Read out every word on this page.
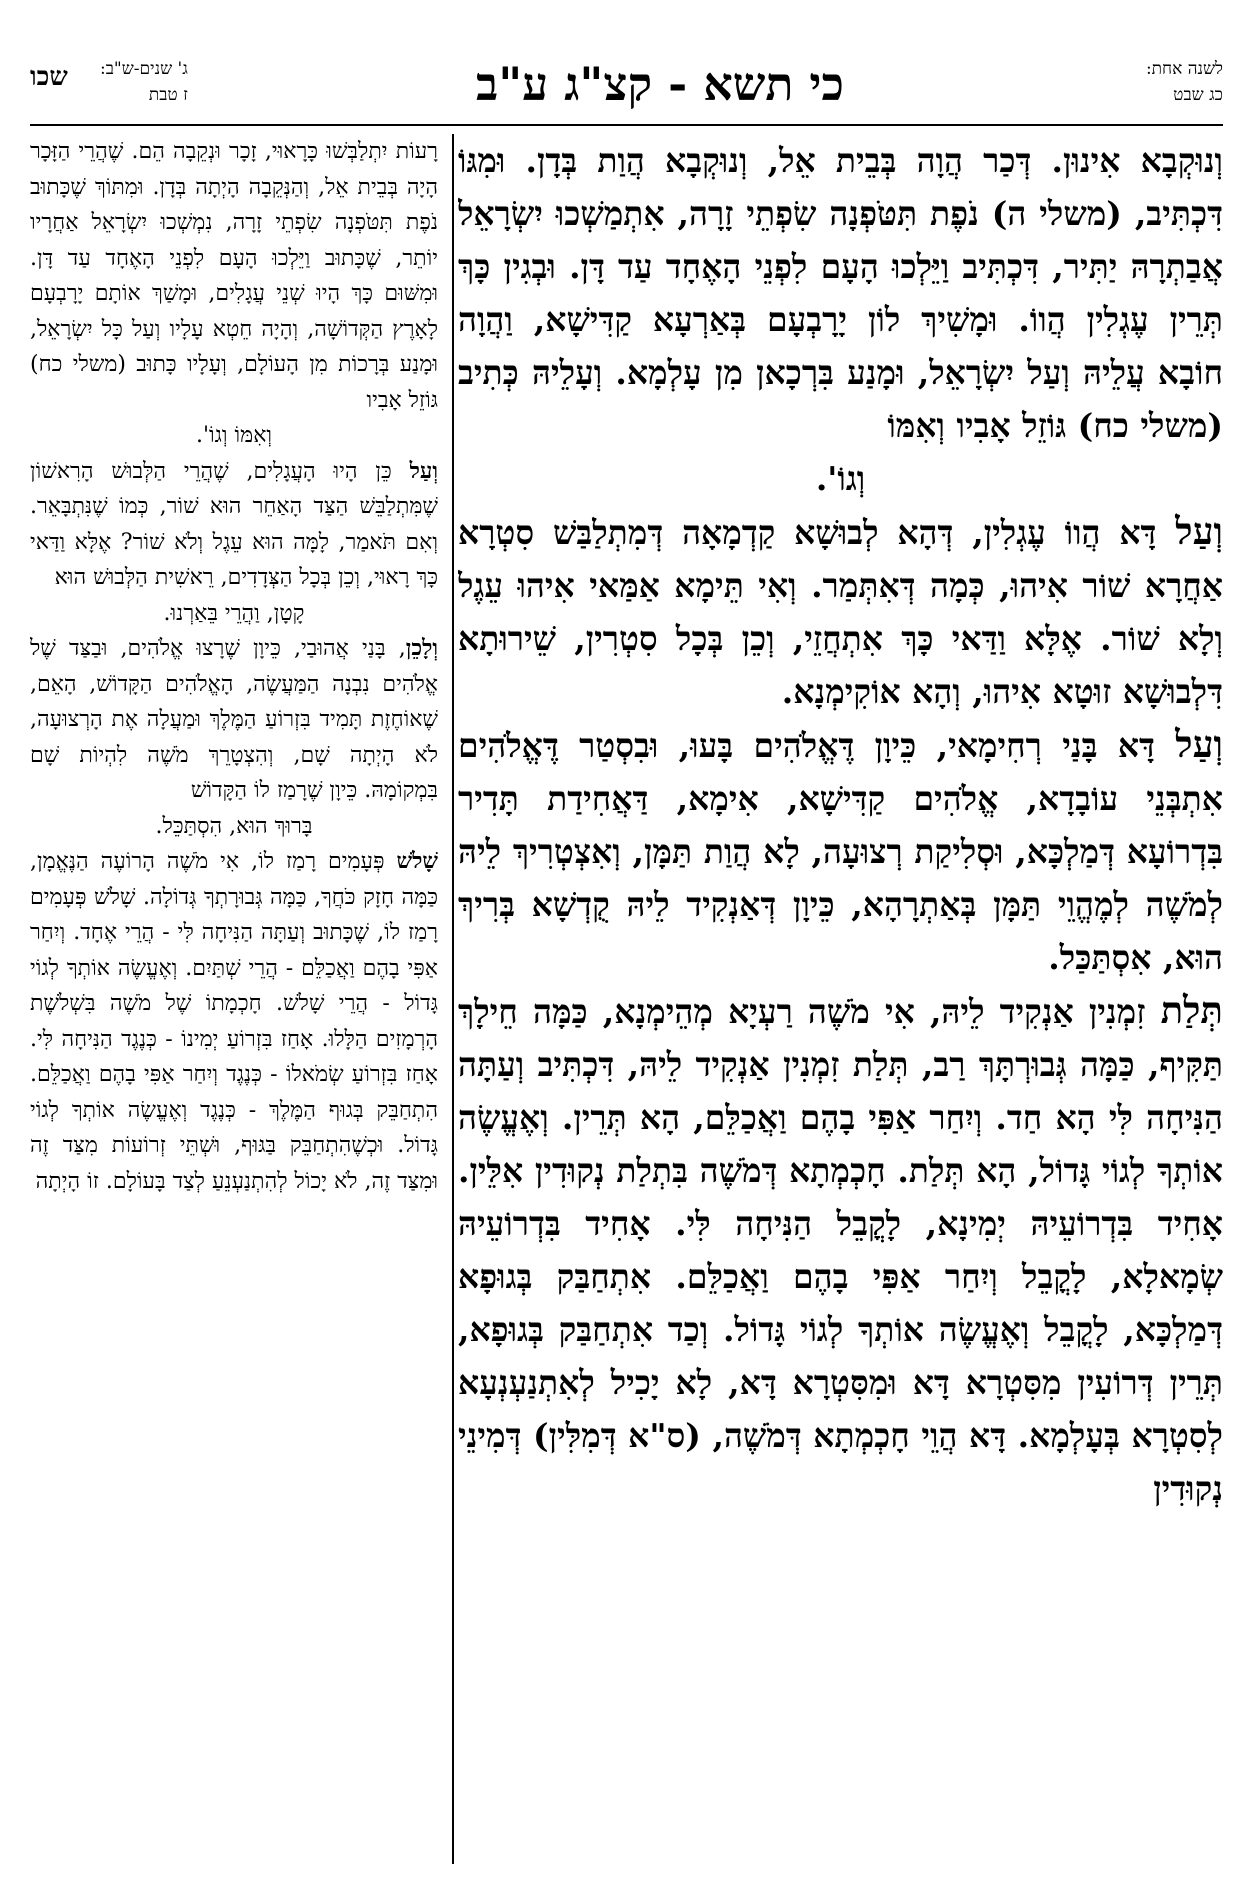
לשנה אחת:
כג שבט
כי תשא - קצ"ג ע"ב
ג' שנים-ש"ב:
ז טבת
שכו

וְנוּקְבָא אִינוּן. דְּכַר הֲוָה בְּבֵית אֵל, וְנוּקְבָא הֲוַת בְּדָן. וּמִגּוֹ דִּכְתִּיב, (משלי ה) נֹפֶת תִּטֹּפְנָה שִׂפְתֵי זָרָה, אִתְמַשְׁכוּ יִשְׂרָאֵל אֲבַתְרָהּ יַתִּיר, דִּכְתִּיב וַיֵּלְכוּ הָעָם לִפְנֵי הָאֶחָד עַד דָּן. וּבְגִין כָּךְ תְּרֵין עֶגְלִין הֲווֹ. וּמָשִׁיךְ לוֹן יָרָבְעָם בְּאַרְעָא קַדִּישָׁא, וַהֲוָה חוֹבָא עֲלֵיהּ וְעַל יִשְׂרָאֵל, וּמָנַע בִּרְכָאן מִן עָלְמָא. וְעָלֵיהּ כְּתִיב (משלי כח) גּוֹזֵל אָבִיו וְאִמּוֹ

וְגוֹ'.

וְעַל דָּא הֲווֹ עֶגְלִין, דְּהָא לְבוּשָׁא קַדְמָאָה דְּמִתְלַבַּשׁ סִטְרָא אַחֲרָא שׁוֹר אִיהוּ, כְּמָה דְּאִתְּמַר. וְאִי תֵּימָא אַמַּאי אִיהוּ עֵגֶל וְלָא שׁוֹר. אֶלָּא וַדַּאי כָּךְ אִתְחֲזֵי, וְכֵן בְּכָל סִטְרִין, שֵׁירוּתָא דִּלְבוּשָׁא זוּטָא אִיהוּ, וְהָא אוֹקִימְנָא.

וְעַל דָּא בָּנַי רְחִימָאי, כֵּיוָן דֶּאֱלֹהִים בָּעוּ, וּבִסְטַר דֶּאֱלֹהִים אִתְבְּנֵי עוֹבָדָא, אֱלֹהִים קַדִּישָׁא, אִימָא, דַּאֲחִידַת תָּדִיר בִּדְרוֹעָא דְּמַלְכָּא, וּסְלִיקַת רְצוּעָה, לָא הֲוַת תַּמָּן, וְאִצְטְרִיךְ לֵיהּ לְמֹשֶׁה לְמֶהֱוֵי תַּמָּן בְּאַתְרָהָא, כֵּיוָן דְּאַנְקִיד לֵיהּ קֻדְשָׁא בְּרִיךְ הוּא, אִסְתַּכַּל.

תְּלַת זִמְנִין אַנְקִיד לֵיהּ, אִי מֹשֶׁה רַעְיָא מְהֵימְנָא, כַּמָּה חֵילָךְ תַּקִּיף, כַּמָּה גְּבוּרְתָּךְ רַב, תְּלַת זִמְנִין אַנְקִיד לֵיהּ, דִּכְתִּיב וְעַתָּה הַנִּיחָה לִּי הָא חַד. וְיִחַר אַפִּי בָהֶם וַאֲכַלֵּם, הָא תְּרֵין. וְאֶעֱשֶׂה אוֹתְךָ לְגוֹי גָּדוֹל, הָא תְּלַת. חָכְמְתָא דְּמֹשֶׁה בִּתְלַת נְקוּדִין אִלֵּין. אָחִיד בִּדְרוֹעֵיהּ יְמִינָא, לָקֳבֵל הַנִּיחָה לִּי. אָחִיד בִּדְרוֹעֵיהּ שְׂמָאלָא, לָקֳבֵל וְיִחַר אַפִּי בָהֶם וַאֲכַלֵּם. אִתְחַבַּק בְּגוּפָא דְּמַלְכָּא, לָקֳבֵל וְאֶעֱשֶׂה אוֹתְךָ לְגוֹי גָּדוֹל. וְכַד אִתְחַבַּק בְּגוּפָא, תְּרֵין דְּרוֹעִין מִסִּטְרָא דָּא וּמִסִּטְרָא דָּא, לָא יָכִיל לְאִתְנַעְנְעָא לְסִטְרָא בְּעָלְמָא. דָּא הֲוֵי חָכְמְתָא דְּמֹשֶׁה, (ס"א דְּמִלִּין) דְּמִינֵי נְקוּדִין

רָעוֹת יִתְלַבְּשׁוּ כָּרָאוּי, זָכָר וּנְקֵבָה הֵם. שֶׁהֲרֵי הַזָּכָר הָיָה בְּבֵית אֵל, וְהַנְּקֵבָה הָיְתָה בְּדָן. וּמִתּוֹךְ שֶׁכָּתוּב נֹפֶת תִּטֹּפְנָה שִׂפְתֵי זָרָה, נִמְשְׁכוּ יִשְׂרָאֵל אַחֲרָיו יוֹתֵר, שֶׁכָּתוּב וַיֵּלְכוּ הָעָם לִפְנֵי הָאֶחָד עַד דָּן. וּמִשּׁוּם כָּךְ הָיוּ שְׁנֵי עֲגָלִים, וּמָשַׁךְ אוֹתָם יָרָבְעָם לָאָרֶץ הַקְּדוֹשָׁה, וְהָיָה חֵטְא עָלָיו וְעַל כָּל יִשְׂרָאֵל, וּמָנַע בְּרָכוֹת מִן הָעוֹלָם, וְעָלָיו כָּתוּב (משלי כח) גּוֹזֵל אָבִיו

וְאִמּוֹ וְגוֹ'.

וְעַל כֵּן הָיוּ הָעֲגָלִים, שֶׁהֲרֵי הַלְּבוּשׁ הָרִאשׁוֹן שֶׁמִּתְלַבֵּשׁ הַצַּד הָאַחֵר הוּא שׁוֹר, כְּמוֹ שֶׁנִּתְבָּאֵר. וְאִם תֹּאמַר, לָמָּה הוּא עֵגֶל וְלֹא שׁוֹר? אֶלָּא וַדַּאי כָּךְ רָאוּי, וְכֵן בְּכָל הַצְּדָדִים, רֵאשִׁית הַלְּבוּשׁ הוּא

קָטָן, וַהֲרֵי בֵּאַרְנוּ.

וְלָכֵן, בָּנַי אֲהוּבַי, כֵּיוָן שֶׁרָצוּ אֱלֹהִים, וּבַצַּד שֶׁל אֱלֹהִים נִבְנָה הַמַּעֲשֶׂה, הָאֱלֹהִים הַקָּדוֹשׁ, הָאֵם, שֶׁאוֹחֶזֶת תָּמִיד בִּזְרוֹעַ הַמֶּלֶךְ וּמַעֲלָה אֶת הָרְצוּעָה, לֹא הָיְתָה שָׁם, וְהִצְטָרֵךְ מֹשֶׁה לִהְיוֹת שָׁם בִּמְקוֹמָהּ. כֵּיוָן שֶׁרָמַז לוֹ הַקָּדוֹשׁ

בָּרוּךְ הוּא, הִסְתַּכֵּל.

שָׁלֹשׁ פְּעָמִים רָמַז לוֹ, אִי מֹשֶׁה הָרוֹעֶה הַנֶּאֱמָן, כַּמָּה חָזָק כֹּחֲךָ, כַּמָּה גְּבוּרָתְךָ גְּדוֹלָה. שָׁלֹשׁ פְּעָמִים רָמַז לוֹ, שֶׁכָּתוּב וְעַתָּה הַנִּיחָה לִּי - הֲרֵי אֶחָד. וְיִחַר אַפִּי בָהֶם וַאֲכַלֵּם - הֲרֵי שְׁתַּיִם. וְאֶעֱשֶׂה אוֹתְךָ לְגוֹי גָּדוֹל - הֲרֵי שָׁלֹשׁ. חָכְמָתוֹ שֶׁל מֹשֶׁה בִּשְׁלֹשֶׁת הָרְמָזִים הַלָּלוּ. אָחַז בִּזְרוֹעַ יְמִינוֹ - כְּנֶגֶד הַנִּיחָה לִּי. אָחַז בִּזְרוֹעַ שְׂמֹאלוֹ - כְּנֶגֶד וְיִחַר אַפִּי בָהֶם וַאֲכַלֵּם. הִתְחַבֵּק בְּגוּף הַמֶּלֶךְ - כְּנֶגֶד וְאֶעֱשֶׂה אוֹתְךָ לְגוֹי גָּדוֹל. וּכְשֶׁהִתְחַבֵּק בַּגּוּף, וּשְׁתֵּי זְרוֹעוֹת מִצַּד זֶה וּמִצַּד זֶה, לֹא יָכוֹל לְהִתְנַעְנֵעַ לְצַד בָּעוֹלָם. זוֹ הָיְתָה
